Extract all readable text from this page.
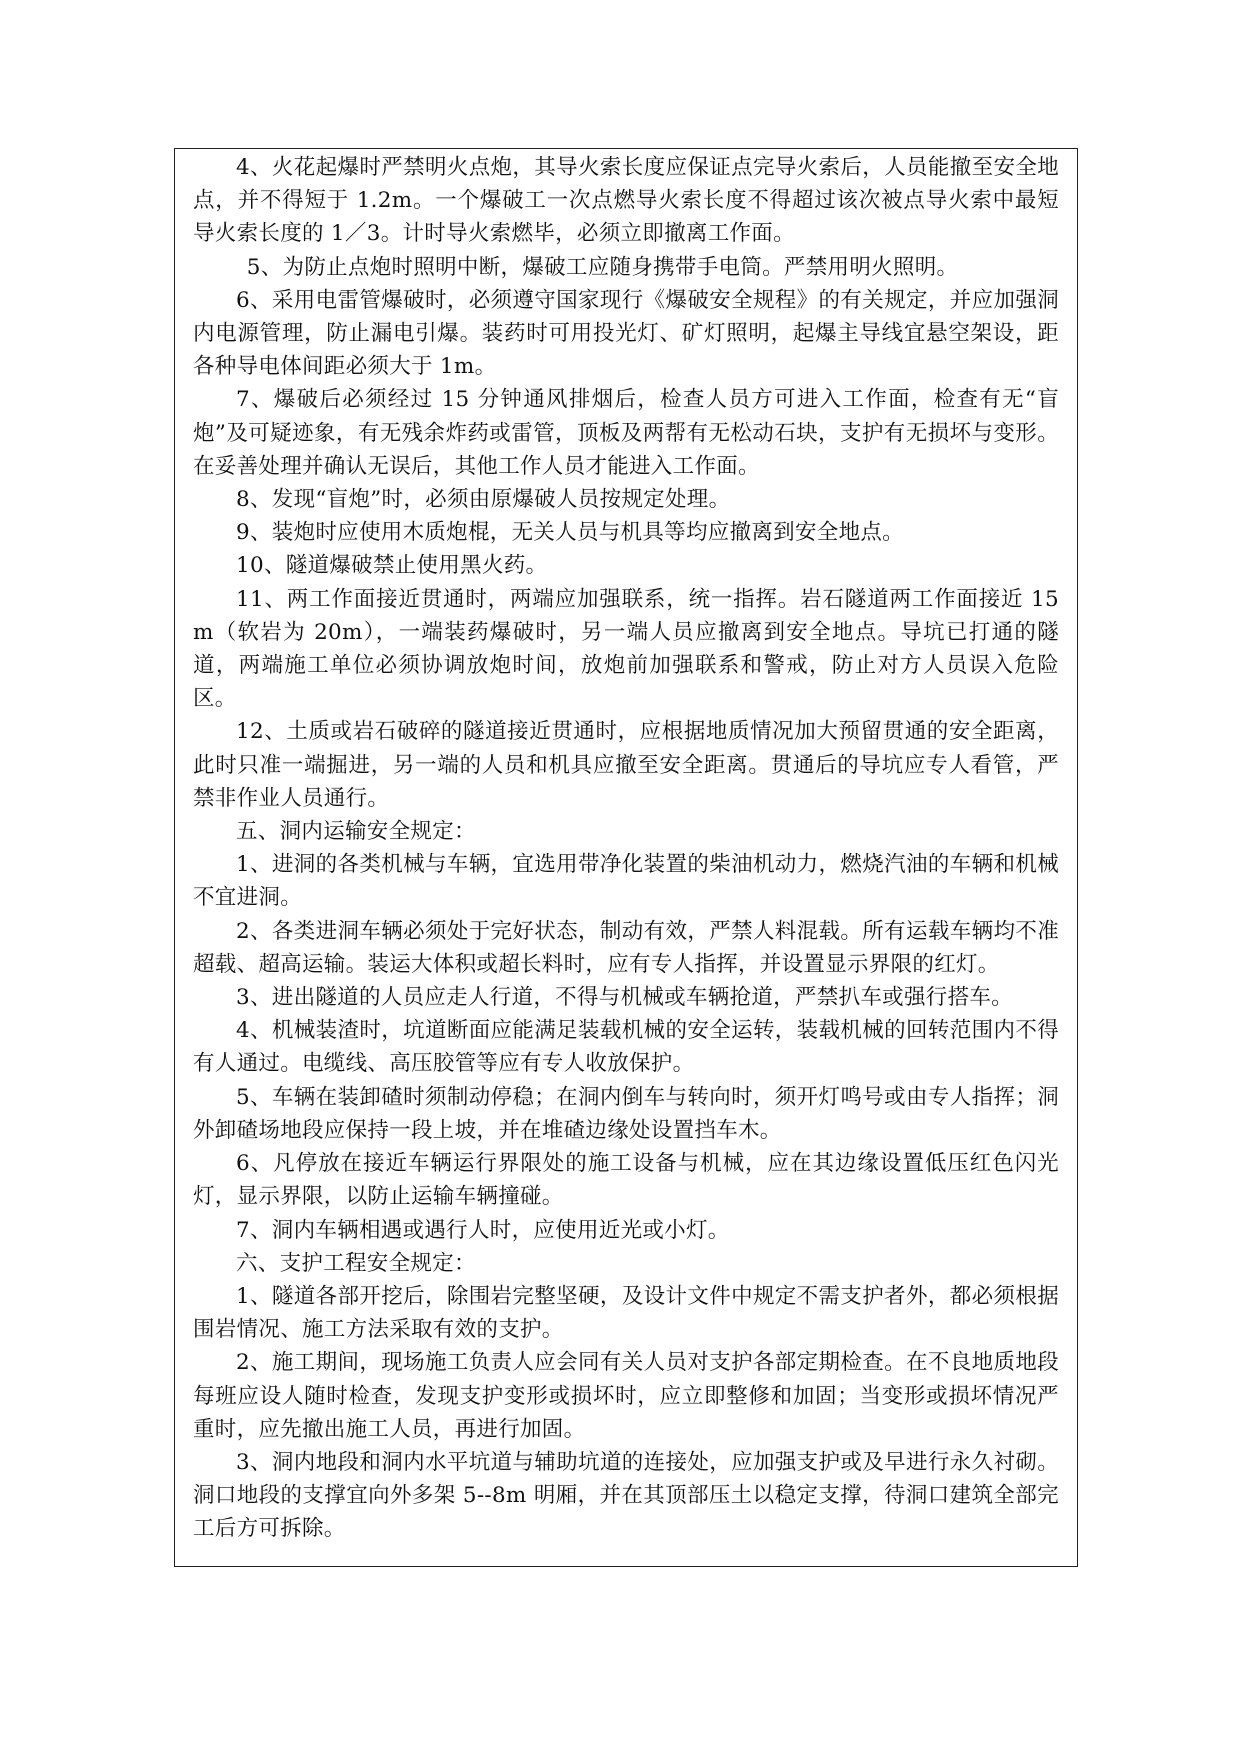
4、火花起爆时严禁明火点炮，其导火索长度应保证点完导火索后，人员能撤至安全地点，并不得短于 1.2m。一个爆破工一次点燃导火索长度不得超过该次被点导火索中最短导火索长度的 1／3。计时导火索燃毕，必须立即撤离工作面。

5、为防止点炮时照明中断，爆破工应随身携带手电筒。严禁用明火照明。

6、采用电雷管爆破时，必须遵守国家现行《爆破安全规程》的有关规定，并应加强洞内电源管理，防止漏电引爆。装药时可用投光灯、矿灯照明，起爆主导线宜悬空架设，距各种导电体间距必须大于 1m。

7、爆破后必须经过 15 分钟通风排烟后，检查人员方可进入工作面，检查有无“盲炮”及可疑迹象，有无残余炸药或雷管，顶板及两帮有无松动石块，支护有无损坏与变形。在妥善处理并确认无误后，其他工作人员才能进入工作面。

8、发现“盲炮”时，必须由原爆破人员按规定处理。

9、装炮时应使用木质炮棍，无关人员与机具等均应撤离到安全地点。

10、隧道爆破禁止使用黑火药。

11、两工作面接近贯通时，两端应加强联系，统一指挥。岩石隧道两工作面接近 15m（软岩为 20m），一端装药爆破时，另一端人员应撤离到安全地点。导坑已打通的隧道，两端施工单位必须协调放炮时间，放炮前加强联系和警戒，防止对方人员误入危险区。

12、土质或岩石破碎的隧道接近贯通时，应根据地质情况加大预留贯通的安全距离，此时只准一端掘进，另一端的人员和机具应撤至安全距离。贯通后的导坑应专人看管，严禁非作业人员通行。

五、洞内运输安全规定：

1、进洞的各类机械与车辆，宜选用带净化装置的柴油机动力，燃烧汽油的车辆和机械不宜进洞。

2、各类进洞车辆必须处于完好状态，制动有效，严禁人料混载。所有运载车辆均不准超载、超高运输。装运大体积或超长料时，应有专人指挥，并设置显示界限的红灯。

3、进出隧道的人员应走人行道，不得与机械或车辆抢道，严禁扒车或强行搭车。

4、机械装渣时，坑道断面应能满足装载机械的安全运转，装载机械的回转范围内不得有人通过。电缆线、高压胶管等应有专人收放保护。

5、车辆在装卸碴时须制动停稳；在洞内倒车与转向时，须开灯鸣号或由专人指挥；洞外卸碴场地段应保持一段上坡，并在堆碴边缘处设置挡车木。

6、凡停放在接近车辆运行界限处的施工设备与机械，应在其边缘设置低压红色闪光灯，显示界限，以防止运输车辆撞碰。

7、洞内车辆相遇或遇行人时，应使用近光或小灯。

六、支护工程安全规定：

1、隧道各部开挖后，除围岩完整坚硬，及设计文件中规定不需支护者外，都必须根据围岩情况、施工方法采取有效的支护。

2、施工期间，现场施工负责人应会同有关人员对支护各部定期检查。在不良地质地段每班应设人随时检查，发现支护变形或损坏时，应立即整修和加固；当变形或损坏情况严重时，应先撤出施工人员，再进行加固。

3、洞内地段和洞内水平坑道与辅助坑道的连接处，应加强支护或及早进行永久衬砌。洞口地段的支撑宜向外多架 5--8m 明厢，并在其顶部压土以稳定支撑，待洞口建筑全部完工后方可拆除。
